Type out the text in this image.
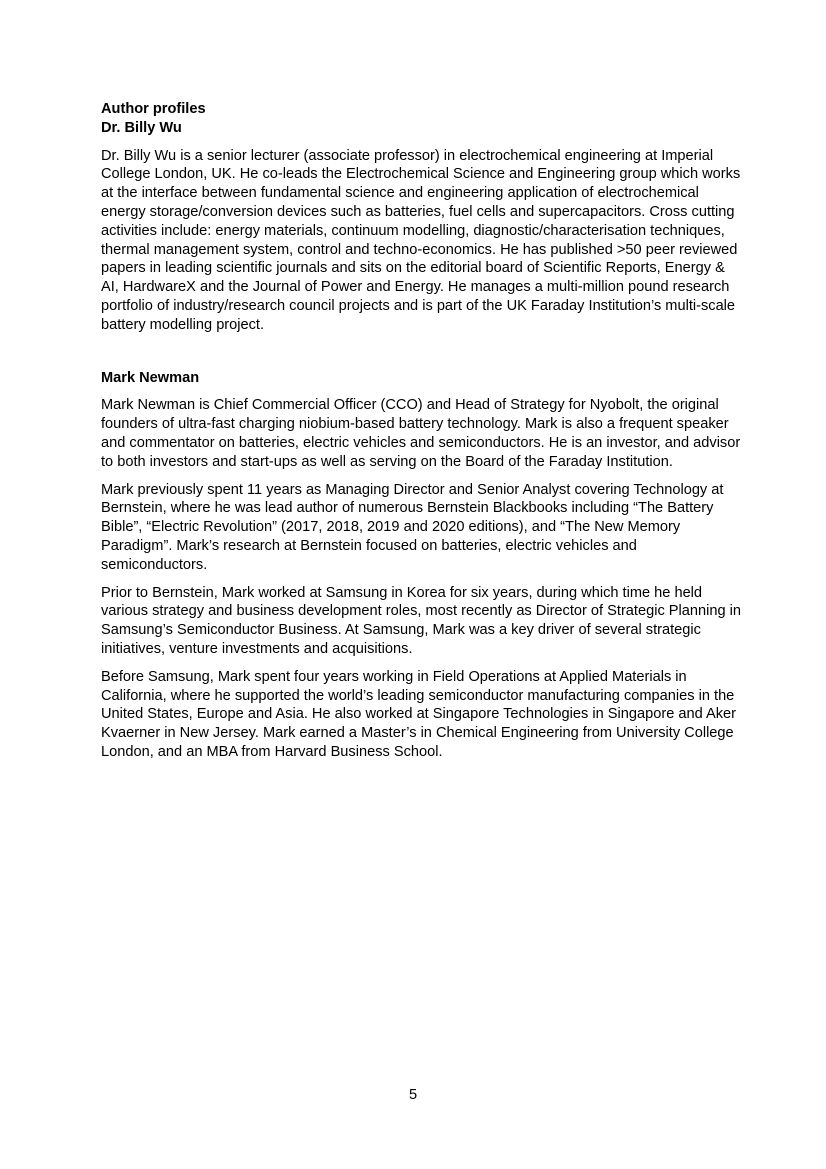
Author profiles

Dr. Billy Wu

Dr. Billy Wu is a senior lecturer (associate professor) in electrochemical engineering at Imperial College London, UK. He co-leads the Electrochemical Science and Engineering group which works at the interface between fundamental science and engineering application of electrochemical energy storage/conversion devices such as batteries, fuel cells and supercapacitors. Cross cutting activities include: energy materials, continuum modelling, diagnostic/characterisation techniques, thermal management system, control and techno-economics. He has published >50 peer reviewed papers in leading scientific journals and sits on the editorial board of Scientific Reports, Energy & AI, HardwareX and the Journal of Power and Energy. He manages a multi-million pound research portfolio of industry/research council projects and is part of the UK Faraday Institution’s multi-scale battery modelling project.

Mark Newman

Mark Newman is Chief Commercial Officer (CCO) and Head of Strategy for Nyobolt, the original founders of ultra-fast charging niobium-based battery technology. Mark is also a frequent speaker and commentator on batteries, electric vehicles and semiconductors. He is an investor, and advisor to both investors and start-ups as well as serving on the Board of the Faraday Institution.

Mark previously spent 11 years as Managing Director and Senior Analyst covering Technology at Bernstein, where he was lead author of numerous Bernstein Blackbooks including “The Battery Bible”, “Electric Revolution” (2017, 2018, 2019 and 2020 editions), and “The New Memory Paradigm”. Mark’s research at Bernstein focused on batteries, electric vehicles and semiconductors.

Prior to Bernstein, Mark worked at Samsung in Korea for six years, during which time he held various strategy and business development roles, most recently as Director of Strategic Planning in Samsung’s Semiconductor Business. At Samsung, Mark was a key driver of several strategic initiatives, venture investments and acquisitions.

Before Samsung, Mark spent four years working in Field Operations at Applied Materials in California, where he supported the world’s leading semiconductor manufacturing companies in the United States, Europe and Asia. He also worked at Singapore Technologies in Singapore and Aker Kvaerner in New Jersey. Mark earned a Master’s in Chemical Engineering from University College London, and an MBA from Harvard Business School.

5
